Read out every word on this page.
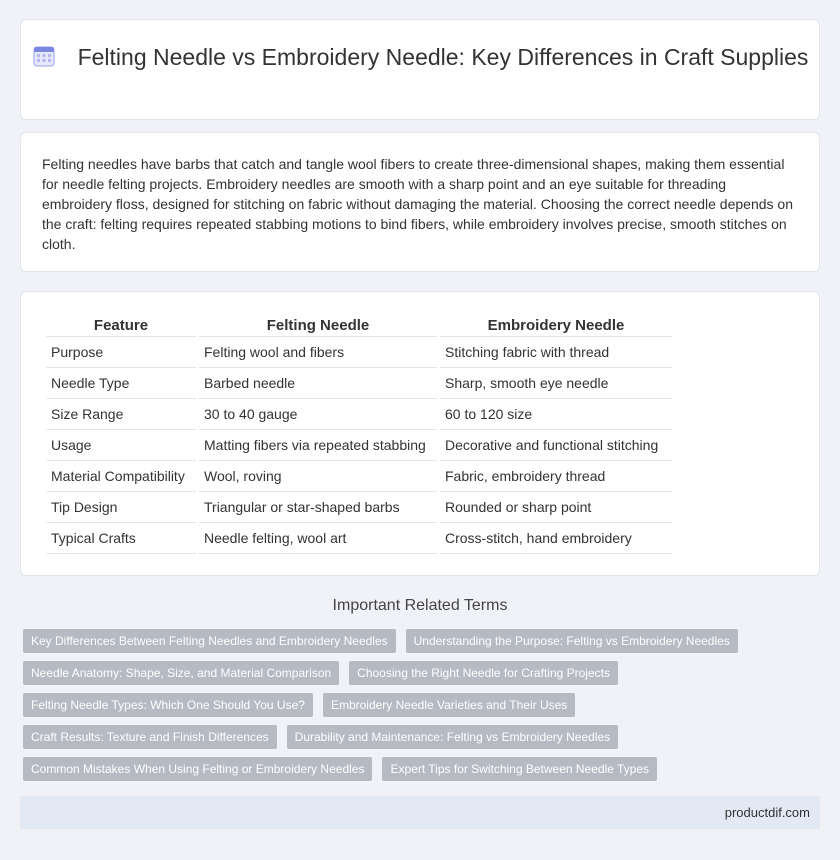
Felting Needle vs Embroidery Needle: Key Differences in Craft Supplies

Felting needles have barbs that catch and tangle wool fibers to create three-dimensional shapes, making them essential for needle felting projects. Embroidery needles are smooth with a sharp point and an eye suitable for threading embroidery floss, designed for stitching on fabric without damaging the material. Choosing the correct needle depends on the craft: felting requires repeated stabbing motions to bind fibers, while embroidery involves precise, smooth stitches on cloth.

Feature	Felting Needle	Embroidery Needle
Purpose	Felting wool and fibers	Stitching fabric with thread
Needle Type	Barbed needle	Sharp, smooth eye needle
Size Range	30 to 40 gauge	60 to 120 size
Usage	Matting fibers via repeated stabbing	Decorative and functional stitching
Material Compatibility	Wool, roving	Fabric, embroidery thread
Tip Design	Triangular or star-shaped barbs	Rounded or sharp point
Typical Crafts	Needle felting, wool art	Cross-stitch, hand embroidery
Important Related Terms
Key Differences Between Felting Needles and Embroidery Needles Understanding the Purpose: Felting vs Embroidery Needles
Needle Anatomy: Shape, Size, and Material Comparison Choosing the Right Needle for Crafting Projects
Felting Needle Types: Which One Should You Use? Embroidery Needle Varieties and Their Uses
Craft Results: Texture and Finish Differences Durability and Maintenance: Felting vs Embroidery Needles
Common Mistakes When Using Felting or Embroidery Needles Expert Tips for Switching Between Needle Types
productdif.com
